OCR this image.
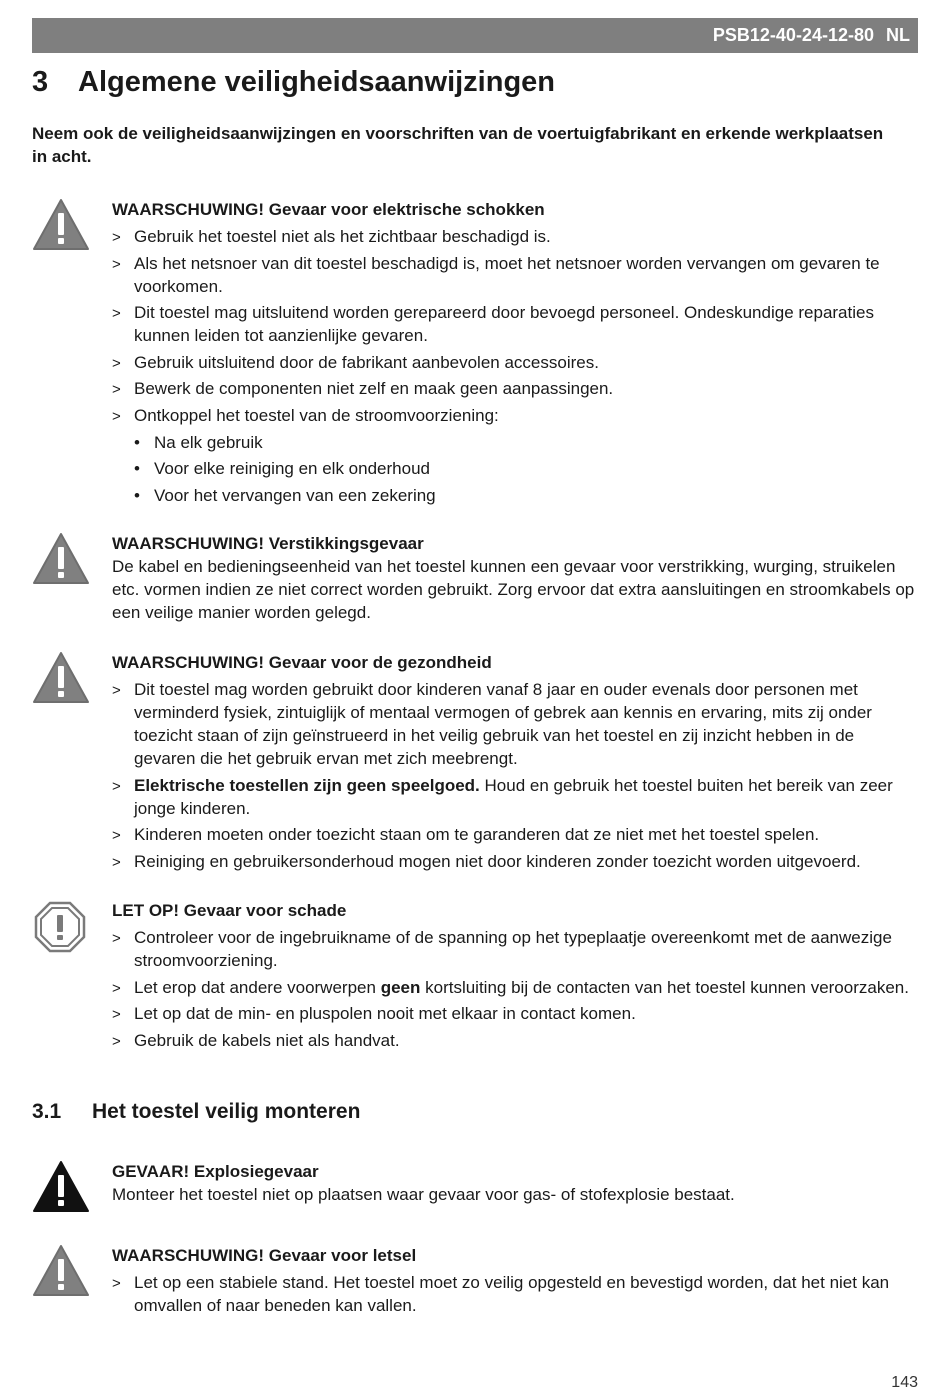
PSB12-40-24-12-80 NL
3 Algemene veiligheidsaanwijzingen
Neem ook de veiligheidsaanwijzingen en voorschriften van de voertuigfabrikant en erkende werkplaatsen in acht.
WAARSCHUWING! Gevaar voor elektrische schokken
> Gebruik het toestel niet als het zichtbaar beschadigd is.
> Als het netsnoer van dit toestel beschadigd is, moet het netsnoer worden vervangen om gevaren te voorkomen.
> Dit toestel mag uitsluitend worden gerepareerd door bevoegd personeel. Ondeskundige reparaties kunnen leiden tot aanzienlijke gevaren.
> Gebruik uitsluitend door de fabrikant aanbevolen accessoires.
> Bewerk de componenten niet zelf en maak geen aanpassingen.
> Ontkoppel het toestel van de stroomvoorziening:
• Na elk gebruik
• Voor elke reiniging en elk onderhoud
• Voor het vervangen van een zekering
WAARSCHUWING! Verstikkingsgevaar

De kabel en bedieningseenheid van het toestel kunnen een gevaar voor verstrikking, wurging, struikelen etc. vormen indien ze niet correct worden gebruikt. Zorg ervoor dat extra aansluitingen en stroomkabels op een veilige manier worden gelegd.

WAARSCHUWING! Gevaar voor de gezondheid
> Dit toestel mag worden gebruikt door kinderen vanaf 8 jaar en ouder evenals door personen met verminderd fysiek, zintuiglijk of mentaal vermogen of gebrek aan kennis en ervaring, mits zij onder toezicht staan of zijn geïnstrueerd in het veilig gebruik van het toestel en zij inzicht hebben in de gevaren die het gebruik ervan met zich meebrengt.
> Elektrische toestellen zijn geen speelgoed. Houd en gebruik het toestel buiten het bereik van zeer jonge kinderen.
> Kinderen moeten onder toezicht staan om te garanderen dat ze niet met het toestel spelen.
> Reiniging en gebruikersonderhoud mogen niet door kinderen zonder toezicht worden uitgevoerd.
LET OP! Gevaar voor schade
> Controleer voor de ingebruikname of de spanning op het typeplaatje overeenkomt met de aanwezige stroomvoorziening.
> Let erop dat andere voorwerpen geen kortsluiting bij de contacten van het toestel kunnen veroorzaken.
> Let op dat de min- en pluspolen nooit met elkaar in contact komen.
> Gebruik de kabels niet als handvat.
3.1 Het toestel veilig monteren
GEVAAR! Explosiegevaar

Monteer het toestel niet op plaatsen waar gevaar voor gas- of stofexplosie bestaat.

WAARSCHUWING! Gevaar voor letsel
> Let op een stabiele stand. Het toestel moet zo veilig opgesteld en bevestigd worden, dat het niet kan omvallen of naar beneden kan vallen.
143
